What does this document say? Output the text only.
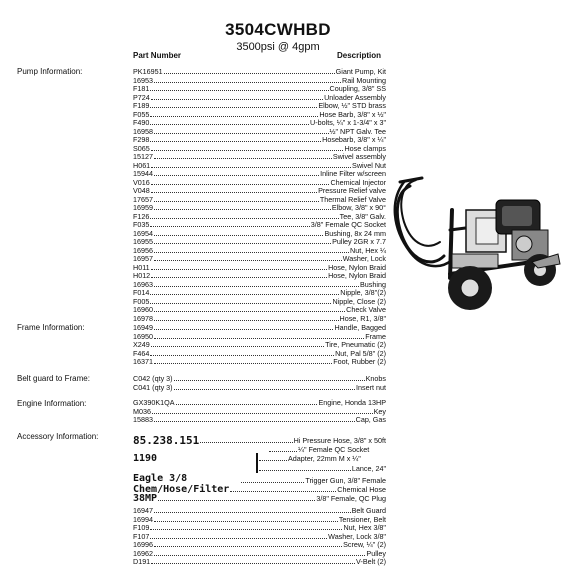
3504CWHBD
3500psi @ 4gpm
Part Number	Description
Pump Information:
Frame Information:
Belt guard to Frame:
Engine Information:
Accessory Information:
PK16951	Giant Pump, Kit
16953	Rail Mounting
F181	Coupling, 3/8" SS
P724	Unloader Assembly
F189	Elbow, ½" STD brass
F055	Hose Barb, 3/8" x ½"
F490	U-bolts, ¼" x 1-3/4" x 3"
16958	½" NPT Galv. Tee
F298	Hosebarb, 3/8" x ¼"
S065	Hose clamps
15127	Swivel assembly
H061	Swivel Nut
15944	Inline Filter w/screen
V016	Chemical Injector
V048	Pressure Relief valve
17657	Thermal Relief Valve
16959	Elbow, 3/8" x 90°
F126	Tee, 3/8" Galv.
F035	3/8" Female QC Socket
16954	Bushing, 8x 24 mm
16955	Pulley 2GR x 7.7
16956	Nut, Hex ¼
16957	Washer, Lock
H011	Hose, Nylon Braid
H012	Hose, Nylon Braid
16963	Bushing
F014	Nipple, 3/8"(2)
F005	Nipple, Close (2)
16960	Check Valve
16978	Hose, R1, 3/8"
16949	Handle, Bagged
16950	Frame
X249	Tire, Pneumatic (2)
F464	Nut, Pal 5/8" (2)
16371	Foot, Rubber (2)
C042 (qty 3)	Knobs
C041 (qty 3)	Insert nut
GX390K1QA	Engine, Honda 13HP
M036	Key
15883	Cap, Gas
16947	Belt Guard
16994	Tensioner, Belt
F109	Nut, Hex 3/8"
F107	Washer, Lock 3/8"
16996	Screw, ¼" (2)
16962	Pulley
D191	V-Belt (2)
85.238.151	Hi Pressure Hose, 3/8" x 50ft
¼" Female QC Socket
1190	Adapter, 22mm M x ¼"
Lance, 24"
Eagle 3/8	Trigger Gun, 3/8" Female
Chem/Hose/Filter	Chemical Hose
38MP	3/8" Female, QC Plug
